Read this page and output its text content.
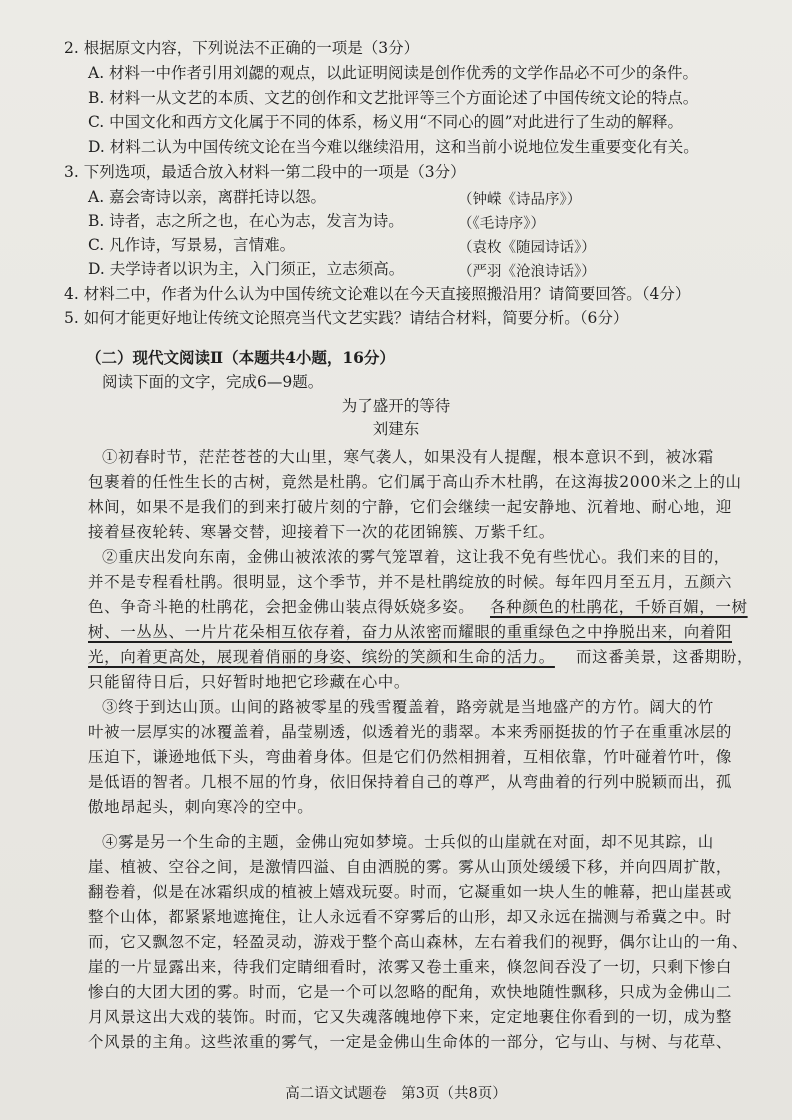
2. 根据原文内容，下列说法不正确的一项是（3分）
A. 材料一中作者引用刘勰的观点，以此证明阅读是创作优秀的文学作品必不可少的条件。
B. 材料一从文艺的本质、文艺的创作和文艺批评等三个方面论述了中国传统文论的特点。
C. 中国文化和西方文化属于不同的体系，杨义用“不同心的圆”对此进行了生动的解释。
D. 材料二认为中国传统文论在当今难以继续沿用，这和当前小说地位发生重要变化有关。
3. 下列选项，最适合放入材料一第二段中的一项是（3分）
A. 嘉会寄诗以亲，离群托诗以怨。	（钟嵘《诗品序》）
B. 诗者，志之所之也，在心为志，发言为诗。	（《毛诗序》）
C. 凡作诗，写景易，言情难。	（袁枚《随园诗话》）
D. 夫学诗者以识为主，入门须正，立志须高。	（严羽《沧浪诗话》）
4. 材料二中，作者为什么认为中国传统文论难以在今天直接照搬沿用？请简要回答。（4分）
5. 如何才能更好地让传统文论照亮当代文艺实践？请结合材料，简要分析。（6分）
（二）现代文阅读Ⅱ（本题共4小题，16分）
阅读下面的文字，完成6—9题。
为了盛开的等待
刘建东
①初春时节，茫茫苍苍的大山里，寒气袭人，如果没有人提醒，根本意识不到，被冰霜
包裹着的任性生长的古树，竟然是杜鹃。它们属于高山乔木杜鹃，在这海拔2000米之上的山
林间，如果不是我们的到来打破片刻的宁静，它们会继续一起安静地、沉着地、耐心地，迎
接着昼夜轮转、寒暑交替，迎接着下一次的花团锦簇、万紫千红。
②重庆出发向东南，金佛山被浓浓的雾气笼罩着，这让我不免有些忧心。我们来的目的，
并不是专程看杜鹃。很明显，这个季节，并不是杜鹃绽放的时候。每年四月至五月，五颜六
色、争奇斗艳的杜鹃花，会把金佛山装点得妖娆多姿。 各种颜色的杜鹃花，千娇百媚，一树
树、一丛丛、一片片花朵相互依存着，奋力从浓密而耀眼的重重绿色之中挣脱出来，向着阳
光，向着更高处，展现着俏丽的身姿、缤纷的笑颜和生命的活力。 而这番美景，这番期盼，
只能留待日后，只好暂时地把它珍藏在心中。
③终于到达山顶。山间的路被零星的残雪覆盖着，路旁就是当地盛产的方竹。阔大的竹
叶被一层厚实的冰覆盖着，晶莹剔透，似透着光的翡翠。本来秀丽挺拔的竹子在重重冰层的
压迫下，谦逊地低下头，弯曲着身体。但是它们仍然相拥着，互相依靠，竹叶碰着竹叶，像
是低语的智者。几根不屈的竹身，依旧保持着自己的尊严，从弯曲着的行列中脱颖而出，孤
傲地昂起头，刺向寒冷的空中。
④雾是另一个生命的主题，金佛山宛如梦境。士兵似的山崖就在对面，却不见其踪，山
崖、植被、空谷之间，是激情四溢、自由洒脱的雾。雾从山顶处缓缓下移，并向四周扩散，
翻卷着，似是在冰霜织成的植被上嬉戏玩耍。时而，它凝重如一块人生的帷幕，把山崖甚或
整个山体，都紧紧地遮掩住，让人永远看不穿雾后的山形，却又永远在揣测与希冀之中。时
而，它又飘忽不定，轻盈灵动，游戏于整个高山森林，左右着我们的视野，偶尔让山的一角、
崖的一片显露出来，待我们定睛细看时，浓雾又卷土重来，倏忽间吞没了一切，只剩下惨白
惨白的大团大团的雾。时而，它是一个可以忽略的配角，欢快地随性飘移，只成为金佛山二
月风景这出大戏的装饰。时而，它又失魂落魄地停下来，定定地裹住你看到的一切，成为整
个风景的主角。这些浓重的雾气，一定是金佛山生命体的一部分，它与山、与树、与花草、
高二语文试题卷　第3页（共8页）
